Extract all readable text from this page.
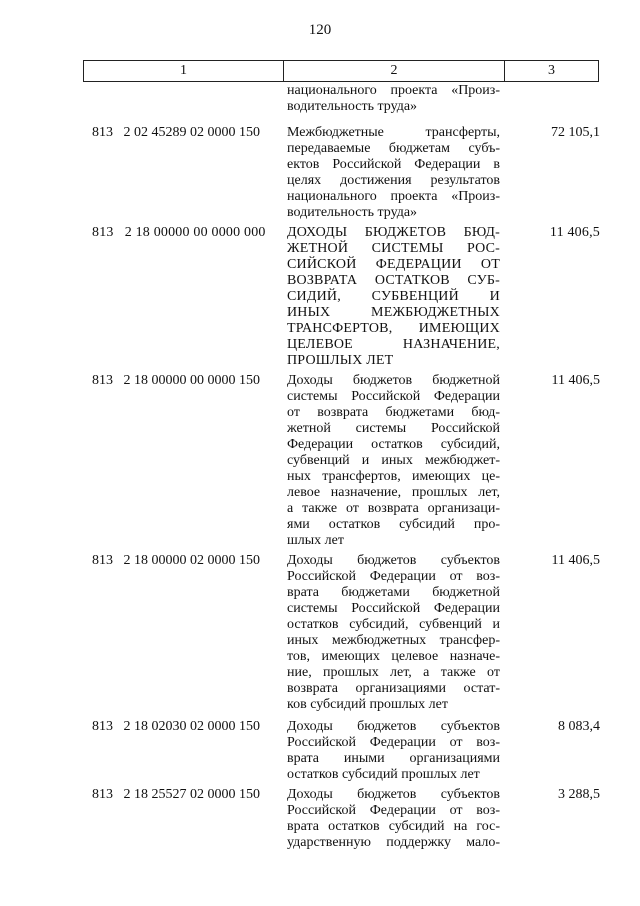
120
1	2	3
национального проекта «Произ-
водительность труда»
813   2 02 45289 02 0000 150 Межбюджетные трансферты,
передаваемые бюджетам субъ-
ектов Российской Федерации в
целях достижения результатов
национального проекта «Произ-
водительность труда»
72 105,1
813   2 18 00000 00 0000 000 ДОХОДЫ БЮДЖЕТОВ БЮД-
ЖЕТНОЙ СИСТЕМЫ РОС-
СИЙСКОЙ ФЕДЕРАЦИИ ОТ
ВОЗВРАТА ОСТАТКОВ СУБ-
СИДИЙ, СУБВЕНЦИЙ И
ИНЫХ МЕЖБЮДЖЕТНЫХ
ТРАНСФЕРТОВ, ИМЕЮЩИХ
ЦЕЛЕВОЕ НАЗНАЧЕНИЕ,
ПРОШЛЫХ ЛЕТ
11 406,5
813   2 18 00000 00 0000 150 Доходы бюджетов бюджетной
системы Российской Федерации
от возврата бюджетами бюд-
жетной системы Российской
Федерации остатков субсидий,
субвенций и иных межбюджет-
ных трансфертов, имеющих це-
левое назначение, прошлых лет,
а также от возврата организаци-
ями остатков субсидий про-
шлых лет
11 406,5
813   2 18 00000 02 0000 150 Доходы бюджетов субъектов
Российской Федерации от воз-
врата бюджетами бюджетной
системы Российской Федерации
остатков субсидий, субвенций и
иных межбюджетных трансфер-
тов, имеющих целевое назначе-
ние, прошлых лет, а также от
возврата организациями остат-
ков субсидий прошлых лет
11 406,5
813   2 18 02030 02 0000 150 Доходы бюджетов субъектов
Российской Федерации от воз-
врата иными организациями
остатков субсидий прошлых лет
8 083,4
813   2 18 25527 02 0000 150 Доходы бюджетов субъектов
Российской Федерации от воз-
врата остатков субсидий на гос-
ударственную поддержку мало-
3 288,5
